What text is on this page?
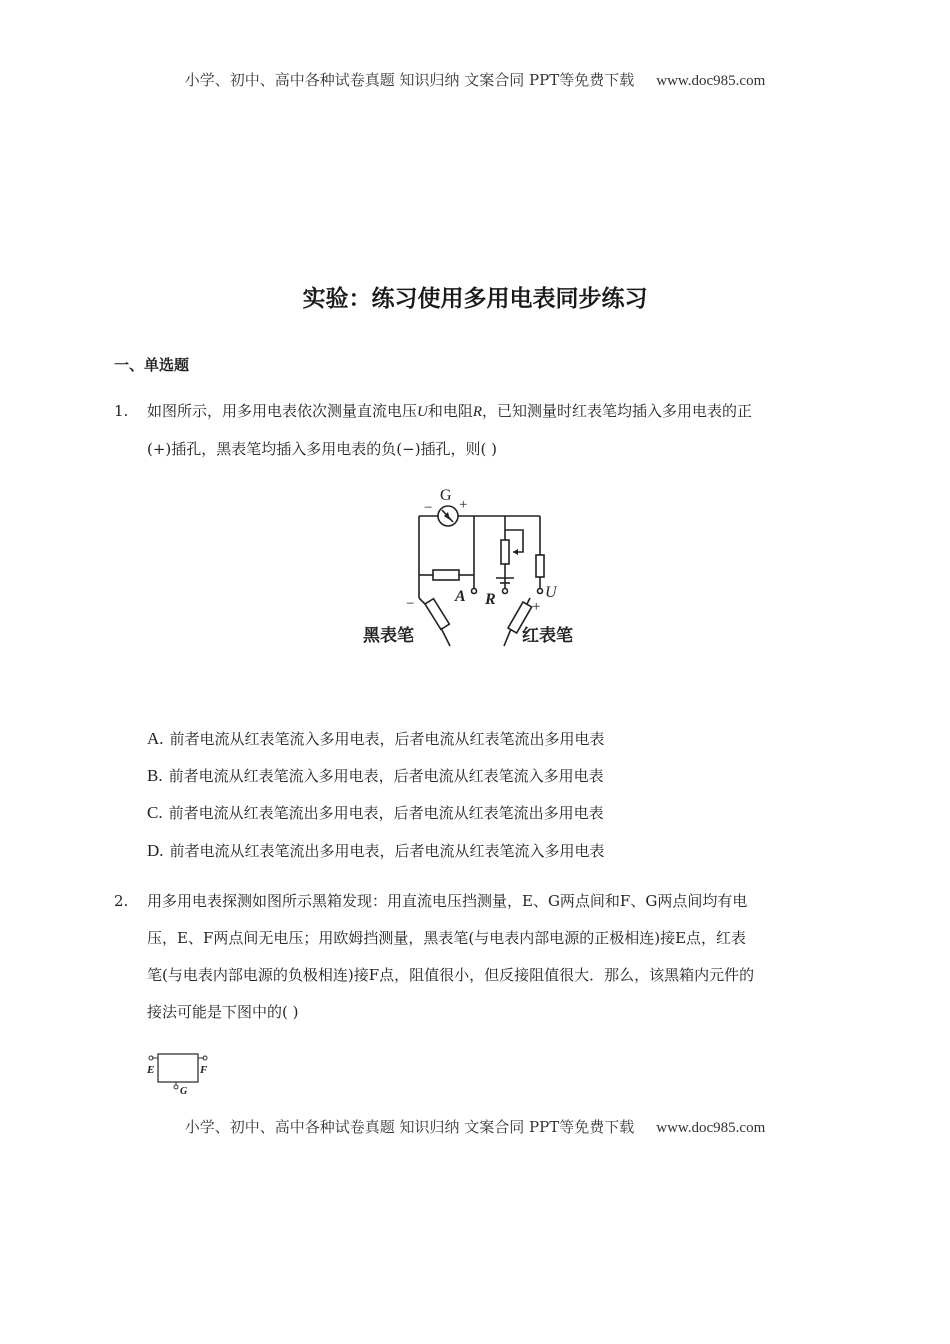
小学、初中、高中各种试卷真题 知识归纳 文案合同 PPT等免费下载 www.doc985.com
实验：练习使用多用电表同步练习
一、单选题
1. 如图所示，用多用电表依次测量直流电压U和电阻R，已知测量时红表笔均插入多用电表的正
(+)插孔，黑表笔均插入多用电表的负(−)插孔，则( )
G
− +
A R	U
−	+
黑表笔	红表笔
A. 前者电流从红表笔流入多用电表，后者电流从红表笔流出多用电表
B. 前者电流从红表笔流入多用电表，后者电流从红表笔流入多用电表
C. 前者电流从红表笔流出多用电表，后者电流从红表笔流出多用电表
D. 前者电流从红表笔流出多用电表，后者电流从红表笔流入多用电表
2. 用多用电表探测如图所示黑箱发现：用直流电压挡测量，E、G两点间和F、G两点间均有电
压，E、F两点间无电压；用欧姆挡测量，黑表笔(与电表内部电源的正极相连)接E点，红表
笔(与电表内部电源的负极相连)接F点，阻值很小，但反接阻值很大．那么，该黑箱内元件的
接法可能是下图中的( )
E	F
G
小学、初中、高中各种试卷真题 知识归纳 文案合同 PPT等免费下载 www.doc985.com
